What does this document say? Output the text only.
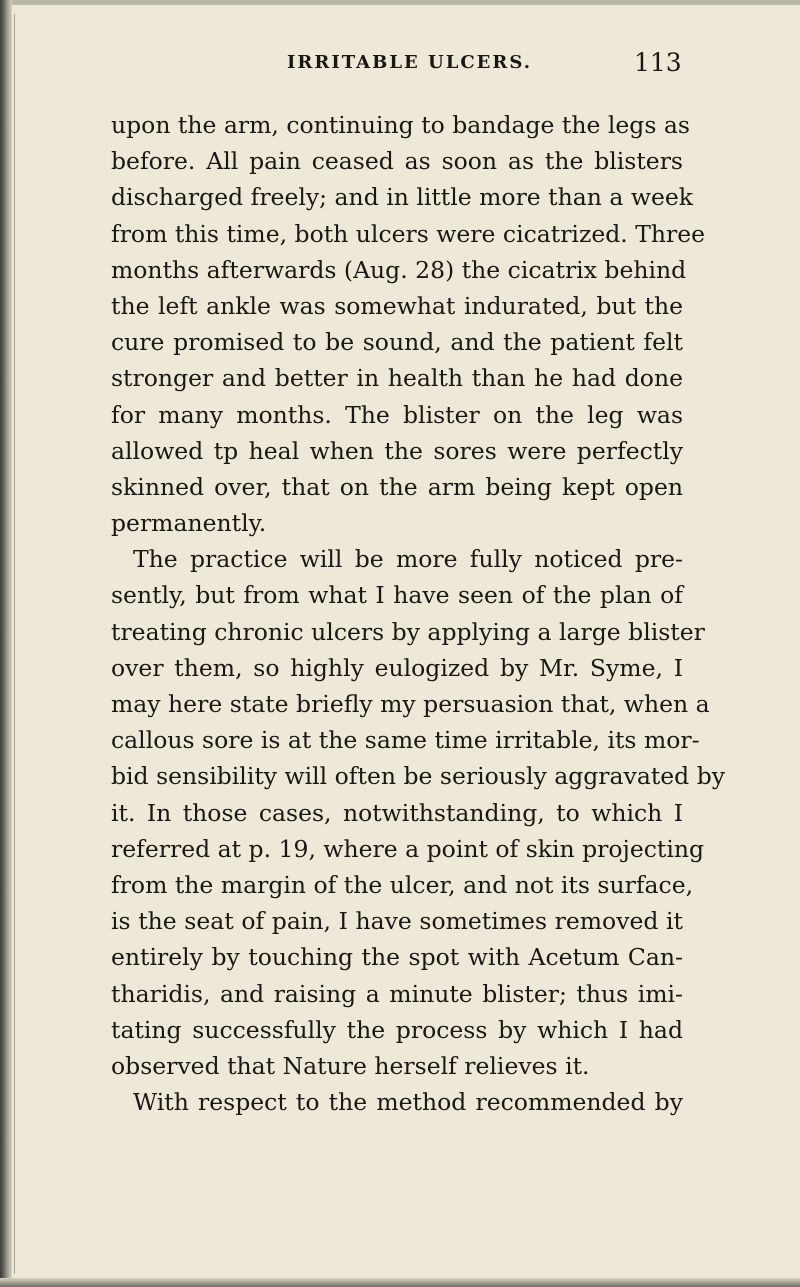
IRRITABLE ULCERS.	113
upon the arm, continuing to bandage the legs as
before. All pain ceased as soon as the blisters
discharged freely; and in little more than a week
from this time, both ulcers were cicatrized. Three
months afterwards (Aug. 28) the cicatrix behind
the left ankle was somewhat indurated, but the
cure promised to be sound, and the patient felt
stronger and better in health than he had done
for many months. The blister on the leg was
allowed tp heal when the sores were perfectly
skinned over, that on the arm being kept open
permanently.
The practice will be more fully noticed pre-
sently, but from what I have seen of the plan of
treating chronic ulcers by applying a large blister
over them, so highly eulogized by Mr. Syme, I
may here state briefly my persuasion that, when a
callous sore is at the same time irritable, its mor-
bid sensibility will often be seriously aggravated by
it. In those cases, notwithstanding, to which I
referred at p. 19, where a point of skin projecting
from the margin of the ulcer, and not its surface,
is the seat of pain, I have sometimes removed it
entirely by touching the spot with Acetum Can-
tharidis, and raising a minute blister; thus imi-
tating successfully the process by which I had
observed that Nature herself relieves it.
With respect to the method recommended by
